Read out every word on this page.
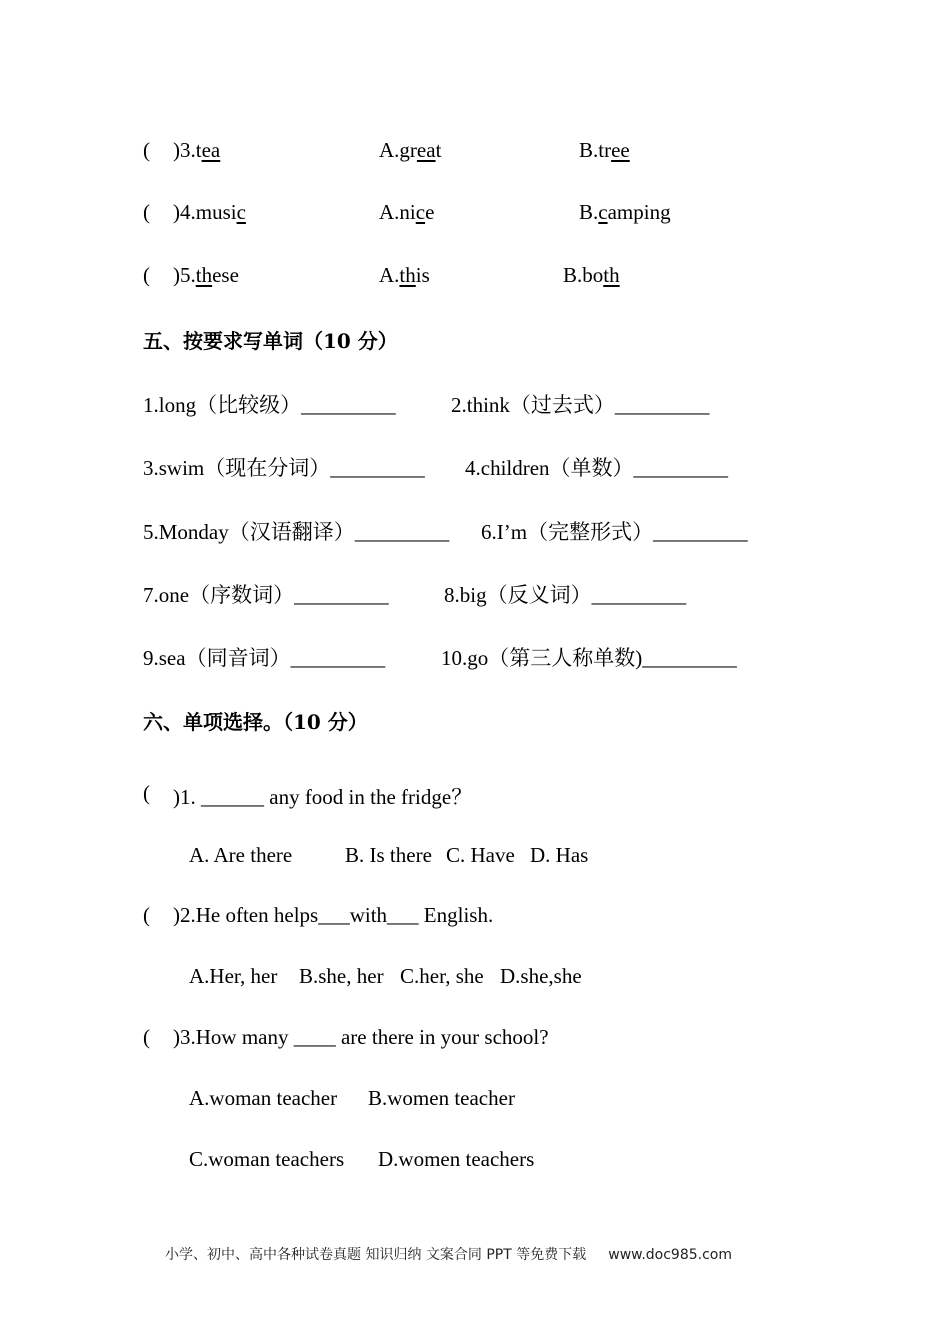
( )3.tea	A.great	B.tree
( )4.music	A.nice	B.camping
( )5.these	A.this	B.both
五、按要求写单词（10 分）
1.long（比较级）_________	2.think（过去式）_________
3.swim（现在分词）_________ 4.children（单数）_________
5.Monday（汉语翻译）_________ 6.I’m（完整形式）_________
7.one（序数词）_________	8.big（反义词）_________
9.sea（同音词）_________	10.go（第三人称单数)_________
六、单项选择。（10 分）
( )1. ______ any food in the fridge？
A. Are there	B. Is there C. Have D. Has
( )2.He often helps___with___ English.
A.Her, her B.she, her C.her, she D.she,she
( )3.How many ____ are there in your school?
A.woman teacher B.women teacher
C.woman teachers D.women teachers
小学、初中、高中各种试卷真题 知识归纳 文案合同 PPT 等免费下载 www.doc985.com
